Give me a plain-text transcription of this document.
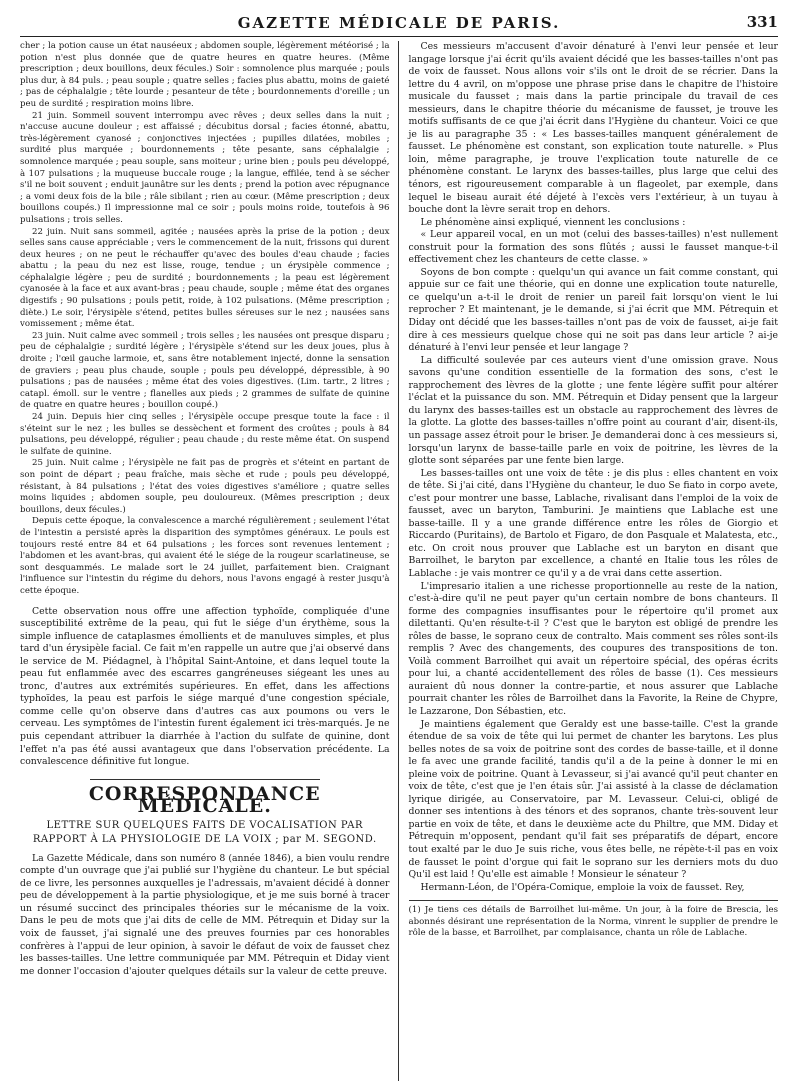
GAZETTE MÉDICALE DE PARIS.	331

cher ; la potion cause un état nauséeux ; abdomen souple, légèrement météorisé ; la potion n'est plus donnée que de quatre heures en quatre heures. (Même prescription ; deux bouillons, deux fécules.) Soir : somnolence plus marquée ; pouls plus dur, à 84 puls. ; peau souple ; quatre selles ; facies plus abattu, moins de gaieté ; pas de céphalalgie ; tête lourde ; pesanteur de tête ; bourdonnements d'oreille ; un peu de surdité ; respiration moins libre.

21 juin. Sommeil souvent interrompu avec rêves ; deux selles dans la nuit ; n'accuse aucune douleur ; est affaissé ; décubitus dorsal ; facies étonné, abattu, très-légèrement cyanosé ; conjonctives injectées ; pupilles dilatées, mobiles ; surdité plus marquée ; bourdonnements ; tête pesante, sans céphalalgie ; somnolence marquée ; peau souple, sans moiteur ; urine bien ; pouls peu développé, à 107 pulsations ; la muqueuse buccale rouge ; la langue, effilée, tend à se sécher s'il ne boit souvent ; enduit jaunâtre sur les dents ; prend la potion avec répugnance ; a vomi deux fois de la bile ; râle sibilant ; rien au cœur. (Même prescription ; deux bouillons coupés.) Il impressionne mal ce soir ; pouls moins roide, toutefois à 96 pulsations ; trois selles.

22 juin. Nuit sans sommeil, agitée ; nausées après la prise de la potion ; deux selles sans cause appréciable ; vers le commencement de la nuit, frissons qui durent deux heures ; on ne peut le réchauffer qu'avec des boules d'eau chaude ; facies abattu ; la peau du nez est lisse, rouge, tendue ; un érysipèle commence ; céphalalgie légère ; peu de surdité ; bourdonnements ; la peau est légèrement cyanosée à la face et aux avant-bras ; peau chaude, souple ; même état des organes digestifs ; 90 pulsations ; pouls petit, roide, à 102 pulsations. (Même prescription ; diète.) Le soir, l'érysipèle s'étend, petites bulles séreuses sur le nez ; nausées sans vomissement ; même état.

23 juin. Nuit calme avec sommeil ; trois selles ; les nausées ont presque disparu ; peu de céphalalgie ; surdité légère ; l'érysipèle s'étend sur les deux joues, plus à droite ; l'œil gauche larmoie, et, sans être notablement injecté, donne la sensation de graviers ; peau plus chaude, souple ; pouls peu développé, dépressible, à 90 pulsations ; pas de nausées ; même état des voies digestives. (Lim. tartr., 2 litres ; catapl. émoll. sur le ventre ; flanelles aux pieds ; 2 grammes de sulfate de quinine de quatre en quatre heures ; bouillon coupé.)

24 juin. Depuis hier cinq selles ; l'érysipèle occupe presque toute la face : il s'éteint sur le nez ; les bulles se dessèchent et forment des croûtes ; pouls à 84 pulsations, peu développé, régulier ; peau chaude ; du reste même état. On suspend le sulfate de quinine.

25 juin. Nuit calme ; l'érysipèle ne fait pas de progrès et s'éteint en partant de son point de départ ; peau fraîche, mais sèche et rude ; pouls peu développé, résistant, à 84 pulsations ; l'état des voies digestives s'améliore ; quatre selles moins liquides ; abdomen souple, peu douloureux. (Mêmes prescription ; deux bouillons, deux fécules.)

Depuis cette époque, la convalescence a marché régulièrement ; seulement l'état de l'intestin a persisté après la disparition des symptômes généraux. Le pouls est toujours resté entre 84 et 64 pulsations ; les forces sont revenues lentement ; l'abdomen et les avant-bras, qui avaient été le siége de la rougeur scarlatineuse, se sont desquammés. Le malade sort le 24 juillet, parfaitement bien. Craignant l'influence sur l'intestin du régime du dehors, nous l'avons engagé à rester jusqu'à cette époque.

Cette observation nous offre une affection typhoïde, compliquée d'une susceptibilité extrême de la peau, qui fut le siége d'un érythème, sous la simple influence de cataplasmes émollients et de manuluves simples, et plus tard d'un érysipèle facial. Ce fait m'en rappelle un autre que j'ai observé dans le service de M. Piédagnel, à l'hôpital Saint-Antoine, et dans lequel toute la peau fut enflammée avec des escarres gangréneuses siégeant les unes au tronc, d'autres aux extrémités supérieures. En effet, dans les affections typhoïdes, la peau est parfois le siége marqué d'une congestion spéciale, comme celle qu'on observe dans d'autres cas aux poumons ou vers le cerveau. Les symptômes de l'intestin furent également ici très-marqués. Je ne puis cependant attribuer la diarrhée à l'action du sulfate de quinine, dont l'effet n'a pas été aussi avantageux que dans l'observation précédente. La convalescence définitive fut longue.

CORRESPONDANCE MÉDICALE.
LETTRE SUR QUELQUES FAITS DE VOCALISATION PAR RAPPORT À LA PHYSIOLOGIE DE LA VOIX ; par M. SEGOND.

La Gazette Médicale, dans son numéro 8 (année 1846), a bien voulu rendre compte d'un ouvrage que j'ai publié sur l'hygiène du chanteur. Le but spécial de ce livre, les personnes auxquelles je l'adressais, m'avaient décidé à donner peu de développement à la partie physiologique, et je me suis borné à tracer un résumé succinct des principales théories sur le mécanisme de la voix. Dans le peu de mots que j'ai dits de celle de MM. Pétrequin et Diday sur la voix de fausset, j'ai signalé une des preuves fournies par ces honorables confrères à l'appui de leur opinion, à savoir le défaut de voix de fausset chez les basses-tailles. Une lettre communiquée par MM. Pétrequin et Diday vient me donner l'occasion d'ajouter quelques détails sur la valeur de cette preuve.

Ces messieurs m'accusent d'avoir dénaturé à l'envi leur pensée et leur langage lorsque j'ai écrit qu'ils avaient décidé que les basses-tailles n'ont pas de voix de fausset. Nous allons voir s'ils ont le droit de se récrier. Dans la lettre du 4 avril, on m'oppose une phrase prise dans le chapitre de l'histoire musicale du fausset ; mais dans la partie principale du travail de ces messieurs, dans le chapitre théorie du mécanisme de fausset, je trouve les motifs suffisants de ce que j'ai écrit dans l'Hygiène du chanteur. Voici ce que je lis au paragraphe 35 : « Les basses-tailles manquent généralement de fausset. Le phénomène est constant, son explication toute naturelle. » Plus loin, même paragraphe, je trouve l'explication toute naturelle de ce phénomène constant. Le larynx des basses-tailles, plus large que celui des ténors, est rigoureusement comparable à un flageolet, par exemple, dans lequel le biseau aurait été déjeté à l'excès vers l'extérieur, à un tuyau à bouche dont la lèvre serait trop en dehors.

Le phénomène ainsi expliqué, viennent les conclusions :

« Leur appareil vocal, en un mot (celui des basses-tailles) n'est nullement construit pour la formation des sons flûtés ; aussi le fausset manque-t-il effectivement chez les chanteurs de cette classe. »

Soyons de bon compte : quelqu'un qui avance un fait comme constant, qui appuie sur ce fait une théorie, qui en donne une explication toute naturelle, ce quelqu'un a-t-il le droit de renier un pareil fait lorsqu'on vient le lui reprocher ? Et maintenant, je le demande, si j'ai écrit que MM. Pétrequin et Diday ont décidé que les basses-tailles n'ont pas de voix de fausset, ai-je fait dire à ces messieurs quelque chose qui ne soit pas dans leur article ? ai-je dénaturé à l'envi leur pensée et leur langage ?

La difficulté soulevée par ces auteurs vient d'une omission grave. Nous savons qu'une condition essentielle de la formation des sons, c'est le rapprochement des lèvres de la glotte ; une fente légère suffit pour altérer l'éclat et la puissance du son. MM. Pétrequin et Diday pensent que la largeur du larynx des basses-tailles est un obstacle au rapprochement des lèvres de la glotte. La glotte des basses-tailles n'offre point au courant d'air, disent-ils, un passage assez étroit pour le briser. Je demanderai donc à ces messieurs si, lorsqu'un larynx de basse-taille parle en voix de poitrine, les lèvres de la glotte sont séparées par une fente bien large.

Les basses-tailles ont une voix de tête : je dis plus : elles chantent en voix de tête. Si j'ai cité, dans l'Hygiène du chanteur, le duo Se fiato in corpo avete, c'est pour montrer une basse, Lablache, rivalisant dans l'emploi de la voix de fausset, avec un baryton, Tamburini. Je maintiens que Lablache est une basse-taille. Il y a une grande différence entre les rôles de Giorgio et Riccardo (Puritains), de Bartolo et Figaro, de don Pasquale et Malatesta, etc., etc. On croit nous prouver que Lablache est un baryton en disant que Barroilhet, le baryton par excellence, a chanté en Italie tous les rôles de Lablache : je vais montrer ce qu'il y a de vrai dans cette assertion.

L'impresario italien a une richesse proportionnelle au reste de la nation, c'est-à-dire qu'il ne peut payer qu'un certain nombre de bons chanteurs. Il forme des compagnies insuffisantes pour le répertoire qu'il promet aux dilettanti. Qu'en résulte-t-il ? C'est que le baryton est obligé de prendre les rôles de basse, le soprano ceux de contralto. Mais comment ses rôles sont-ils remplis ? Avec des changements, des coupures des transpositions de ton. Voilà comment Barroilhet qui avait un répertoire spécial, des opéras écrits pour lui, a chanté accidentellement des rôles de basse (1). Ces messieurs auraient dû nous donner la contre-partie, et nous assurer que Lablache pourrait chanter les rôles de Barroilhet dans la Favorite, la Reine de Chypre, le Lazzarone, Don Sébastien, etc.

Je maintiens également que Geraldy est une basse-taille. C'est la grande étendue de sa voix de tête qui lui permet de chanter les barytons. Les plus belles notes de sa voix de poitrine sont des cordes de basse-taille, et il donne le fa avec une grande facilité, tandis qu'il a de la peine à donner le mi en pleine voix de poitrine. Quant à Levasseur, si j'ai avancé qu'il peut chanter en voix de tête, c'est que je l'en étais sûr. J'ai assisté à la classe de déclamation lyrique dirigée, au Conservatoire, par M. Levasseur. Celui-ci, obligé de donner ses intentions à des ténors et des sopranos, chante très-souvent leur partie en voix de tête, et dans le deuxième acte du Philtre, que MM. Diday et Pétrequin m'opposent, pendant qu'il fait ses préparatifs de départ, encore tout exalté par le duo Je suis riche, vous êtes belle, ne répète-t-il pas en voix de fausset le point d'orgue qui fait le soprano sur les derniers mots du duo Qu'il est laid ! Qu'elle est aimable ! Monsieur le sénateur ?

Hermann-Léon, de l'Opéra-Comique, emploie la voix de fausset. Rey,

(1) Je tiens ces détails de Barroilhet lui-même. Un jour, à la foire de Brescia, les abonnés désirant une représentation de la Norma, vinrent le supplier de prendre le rôle de la basse, et Barroilhet, par complaisance, chanta un rôle de Lablache.
